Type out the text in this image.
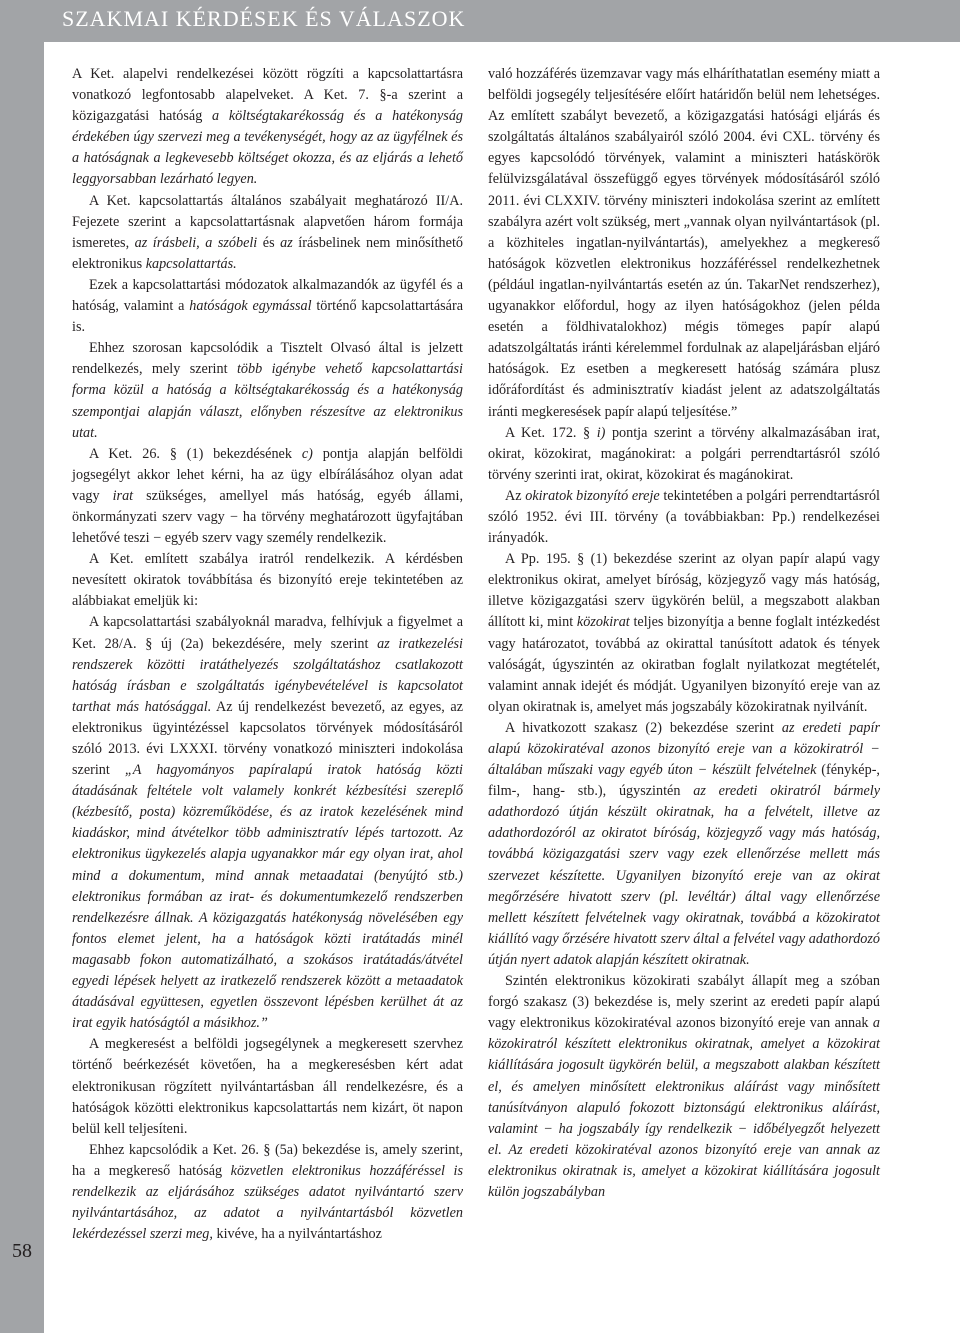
SZAKMAI KÉRDÉSEK ÉS VÁLASZOK
58

A Ket. alapelvi rendelkezései között rögzíti a kapcsolattartásra vonatkozó legfontosabb alapelveket. A Ket. 7. §-a szerint a közigazgatási hatóság a költségtakarékosság és a hatékonyság érdekében úgy szervezi meg a tevékenységét, hogy az az ügyfélnek és a hatóságnak a legkevesebb költséget okozza, és az eljárás a lehető leggyorsabban lezárható legyen.

A Ket. kapcsolattartás általános szabályait meghatározó II/A. Fejezete szerint a kapcsolattartásnak alapvetően három formája ismeretes, az írásbeli, a szóbeli és az írásbelinek nem minősíthető elektronikus kapcsolattartás.

Ezek a kapcsolattartási módozatok alkalmazandók az ügyfél és a hatóság, valamint a hatóságok egymással történő kapcsolattartására is.

Ehhez szorosan kapcsolódik a Tisztelt Olvasó által is jelzett rendelkezés, mely szerint több igénybe vehető kapcsolattartási forma közül a hatóság a költségtakarékosság és a hatékonyság szempontjai alapján választ, előnyben részesítve az elektronikus utat.

A Ket. 26. § (1) bekezdésének c) pontja alapján belföldi jogsegélyt akkor lehet kérni, ha az ügy elbírálásához olyan adat vagy irat szükséges, amellyel más hatóság, egyéb állami, önkormányzati szerv vagy − ha törvény meghatározott ügyfajtában lehetővé teszi − egyéb szerv vagy személy rendelkezik.

A Ket. említett szabálya iratról rendelkezik. A kérdésben nevesített okiratok továbbítása és bizonyító ereje tekintetében az alábbiakat emeljük ki:

A kapcsolattartási szabályoknál maradva, felhívjuk a figyelmet a Ket. 28/A. § új (2a) bekezdésére, mely szerint az iratkezelési rendszerek közötti iratáthelyezés szolgáltatáshoz csatlakozott hatóság írásban e szolgáltatás igénybevételével is kapcsolatot tarthat más hatósággal. Az új rendelkezést bevezető, az egyes, az elektronikus ügyintézéssel kapcsolatos törvények módosításáról szóló 2013. évi LXXXI. törvény vonatkozó miniszteri indokolása szerint „A hagyományos papíralapú iratok hatóság közti átadásának feltétele volt valamely konkrét kézbesítési szereplő (kézbesítő, posta) közreműködése, és az iratok kezelésének mind kiadáskor, mind átvételkor több adminisztratív lépés tartozott. Az elektronikus ügykezelés alapja ugyanakkor már egy olyan irat, ahol mind a dokumentum, mind annak metaadatai (benyújtó stb.) elektronikus formában az irat- és dokumentumkezelő rendszerben rendelkezésre állnak. A közigazgatás hatékonyság növelésében egy fontos elemet jelent, ha a hatóságok közti iratátadás minél magasabb fokon automatizálható, a szokásos iratátadás/átvétel egyedi lépések helyett az iratkezelő rendszerek között a metaadatok átadásával együttesen, egyetlen összevont lépésben kerülhet át az irat egyik hatóságtól a másikhoz.”

A megkeresést a belföldi jogsegélynek a megkeresett szervhez történő beérkezését követően, ha a megkeresésben kért adat elektronikusan rögzített nyilvántartásban áll rendelkezésre, és a hatóságok közötti elektronikus kapcsolattartás nem kizárt, öt napon belül kell teljesíteni.

Ehhez kapcsolódik a Ket. 26. § (5a) bekezdése is, amely szerint, ha a megkereső hatóság közvetlen elektronikus hozzáféréssel is rendelkezik az eljárásához szükséges adatot nyilvántartó szerv nyilvántartásához, az adatot a nyilvántartásból közvetlen lekérdezéssel szerzi meg, kivéve, ha a nyilvántartáshoz

való hozzáférés üzemzavar vagy más elháríthatatlan esemény miatt a belföldi jogsegély teljesítésére előírt határidőn belül nem lehetséges. Az említett szabályt bevezető, a közigazgatási hatósági eljárás és szolgáltatás általános szabályairól szóló 2004. évi CXL. törvény és egyes kapcsolódó törvények, valamint a miniszteri hatáskörök felülvizsgálatával összefüggő egyes törvények módosításáról szóló 2011. évi CLXXIV. törvény miniszteri indokolása szerint az említett szabályra azért volt szükség, mert „vannak olyan nyilvántartások (pl. a közhiteles ingatlan-nyilvántartás), amelyekhez a megkereső hatóságok közvetlen elektronikus hozzáféréssel rendelkezhetnek (például ingatlan-nyilvántartás esetén az ún. TakarNet rendszerhez), ugyanakkor előfordul, hogy az ilyen hatóságokhoz (jelen példa esetén a földhivatalokhoz) mégis tömeges papír alapú adatszolgáltatás iránti kérelemmel fordulnak az alapeljárásban eljáró hatóságok. Ez esetben a megkeresett hatóság számára plusz időráfordítást és adminisztratív kiadást jelent az adatszolgáltatás iránti megkeresések papír alapú teljesítése.”

A Ket. 172. § i) pontja szerint a törvény alkalmazásában irat, okirat, közokirat, magánokirat: a polgári perrendtartásról szóló törvény szerinti irat, okirat, közokirat és magánokirat.

Az okiratok bizonyító ereje tekintetében a polgári perrendtartásról szóló 1952. évi III. törvény (a továbbiakban: Pp.) rendelkezései irányadók.

A Pp. 195. § (1) bekezdése szerint az olyan papír alapú vagy elektronikus okirat, amelyet bíróság, közjegyző vagy más hatóság, illetve közigazgatási szerv ügykörén belül, a megszabott alakban állított ki, mint közokirat teljes bizonyítja a benne foglalt intézkedést vagy határozatot, továbbá az okirattal tanúsított adatok és tények valóságát, úgyszintén az okiratban foglalt nyilatkozat megtételét, valamint annak idejét és módját. Ugyanilyen bizonyító ereje van az olyan okiratnak is, amelyet más jogszabály közokiratnak nyilvánít.

A hivatkozott szakasz (2) bekezdése szerint az eredeti papír alapú közokiratéval azonos bizonyító ereje van a közokiratról − általában műszaki vagy egyéb úton − készült felvételnek (fénykép-, film-, hang- stb.), úgyszintén az eredeti okiratról bármely adathordozó útján készült okiratnak, ha a felvételt, illetve az adathordozóról az okiratot bíróság, közjegyző vagy más hatóság, továbbá közigazgatási szerv vagy ezek ellenőrzése mellett más szervezet készítette. Ugyanilyen bizonyító ereje van az okirat megőrzésére hivatott szerv (pl. levéltár) által vagy ellenőrzése mellett készített felvételnek vagy okiratnak, továbbá a közokiratot kiállító vagy őrzésére hivatott szerv által a felvétel vagy adathordozó útján nyert adatok alapján készített okiratnak.

Szintén elektronikus közokirati szabályt állapít meg a szóban forgó szakasz (3) bekezdése is, mely szerint az eredeti papír alapú vagy elektronikus közokiratéval azonos bizonyító ereje van annak a közokiratról készített elektronikus okiratnak, amelyet a közokirat kiállítására jogosult ügykörén belül, a megszabott alakban készített el, és amelyen minősített elektronikus aláírást vagy minősített tanúsítványon alapuló fokozott biztonságú elektronikus aláírást, valamint − ha jogszabály így rendelkezik − időbélyegzőt helyezett el. Az eredeti közokiratéval azonos bizonyító ereje van annak az elektronikus okiratnak is, amelyet a közokirat kiállítására jogosult külön jogszabályban
